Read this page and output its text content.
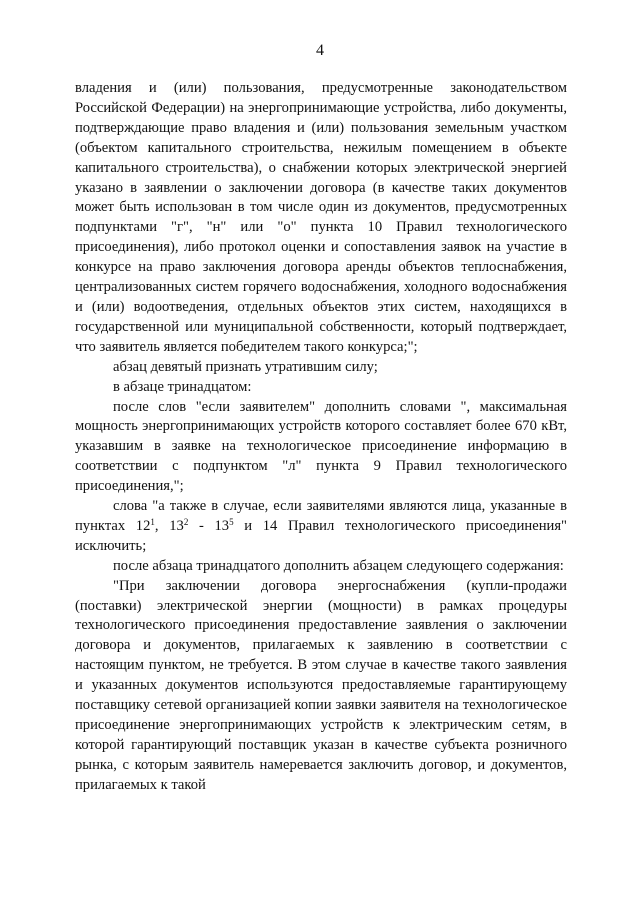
4

владения и (или) пользования, предусмотренные законодательством Российской Федерации) на энергопринимающие устройства, либо документы, подтверждающие право владения и (или) пользования земельным участком (объектом капитального строительства, нежилым помещением в объекте капитального строительства), о снабжении которых электрической энергией указано в заявлении о заключении договора (в качестве таких документов может быть использован в том числе один из документов, предусмотренных подпунктами "г", "н" или "о" пункта 10 Правил технологического присоединения), либо протокол оценки и сопоставления заявок на участие в конкурсе на право заключения договора аренды объектов теплоснабжения, централизованных систем горячего водоснабжения, холодного водоснабжения и (или) водоотведения, отдельных объектов этих систем, находящихся в государственной или муниципальной собственности, который подтверждает, что заявитель является победителем такого конкурса;";

абзац девятый признать утратившим силу;

в абзаце тринадцатом:

после слов "если заявителем" дополнить словами ", максимальная мощность энергопринимающих устройств которого составляет более 670 кВт, указавшим в заявке на технологическое присоединение информацию в соответствии с подпунктом "л" пункта 9 Правил технологического присоединения,";

слова "а также в случае, если заявителями являются лица, указанные в пунктах $12^1$, $13^2 - 13^5$ и 14 Правил технологического присоединения" исключить;

после абзаца тринадцатого дополнить абзацем следующего содержания:

"При заключении договора энергоснабжения (купли-продажи (поставки) электрической энергии (мощности) в рамках процедуры технологического присоединения предоставление заявления о заключении договора и документов, прилагаемых к заявлению в соответствии с настоящим пунктом, не требуется. В этом случае в качестве такого заявления и указанных документов используются предоставляемые гарантирующему поставщику сетевой организацией копии заявки заявителя на технологическое присоединение энергопринимающих устройств к электрическим сетям, в которой гарантирующий поставщик указан в качестве субъекта розничного рынка, с которым заявитель намеревается заключить договор, и документов, прилагаемых к такой
